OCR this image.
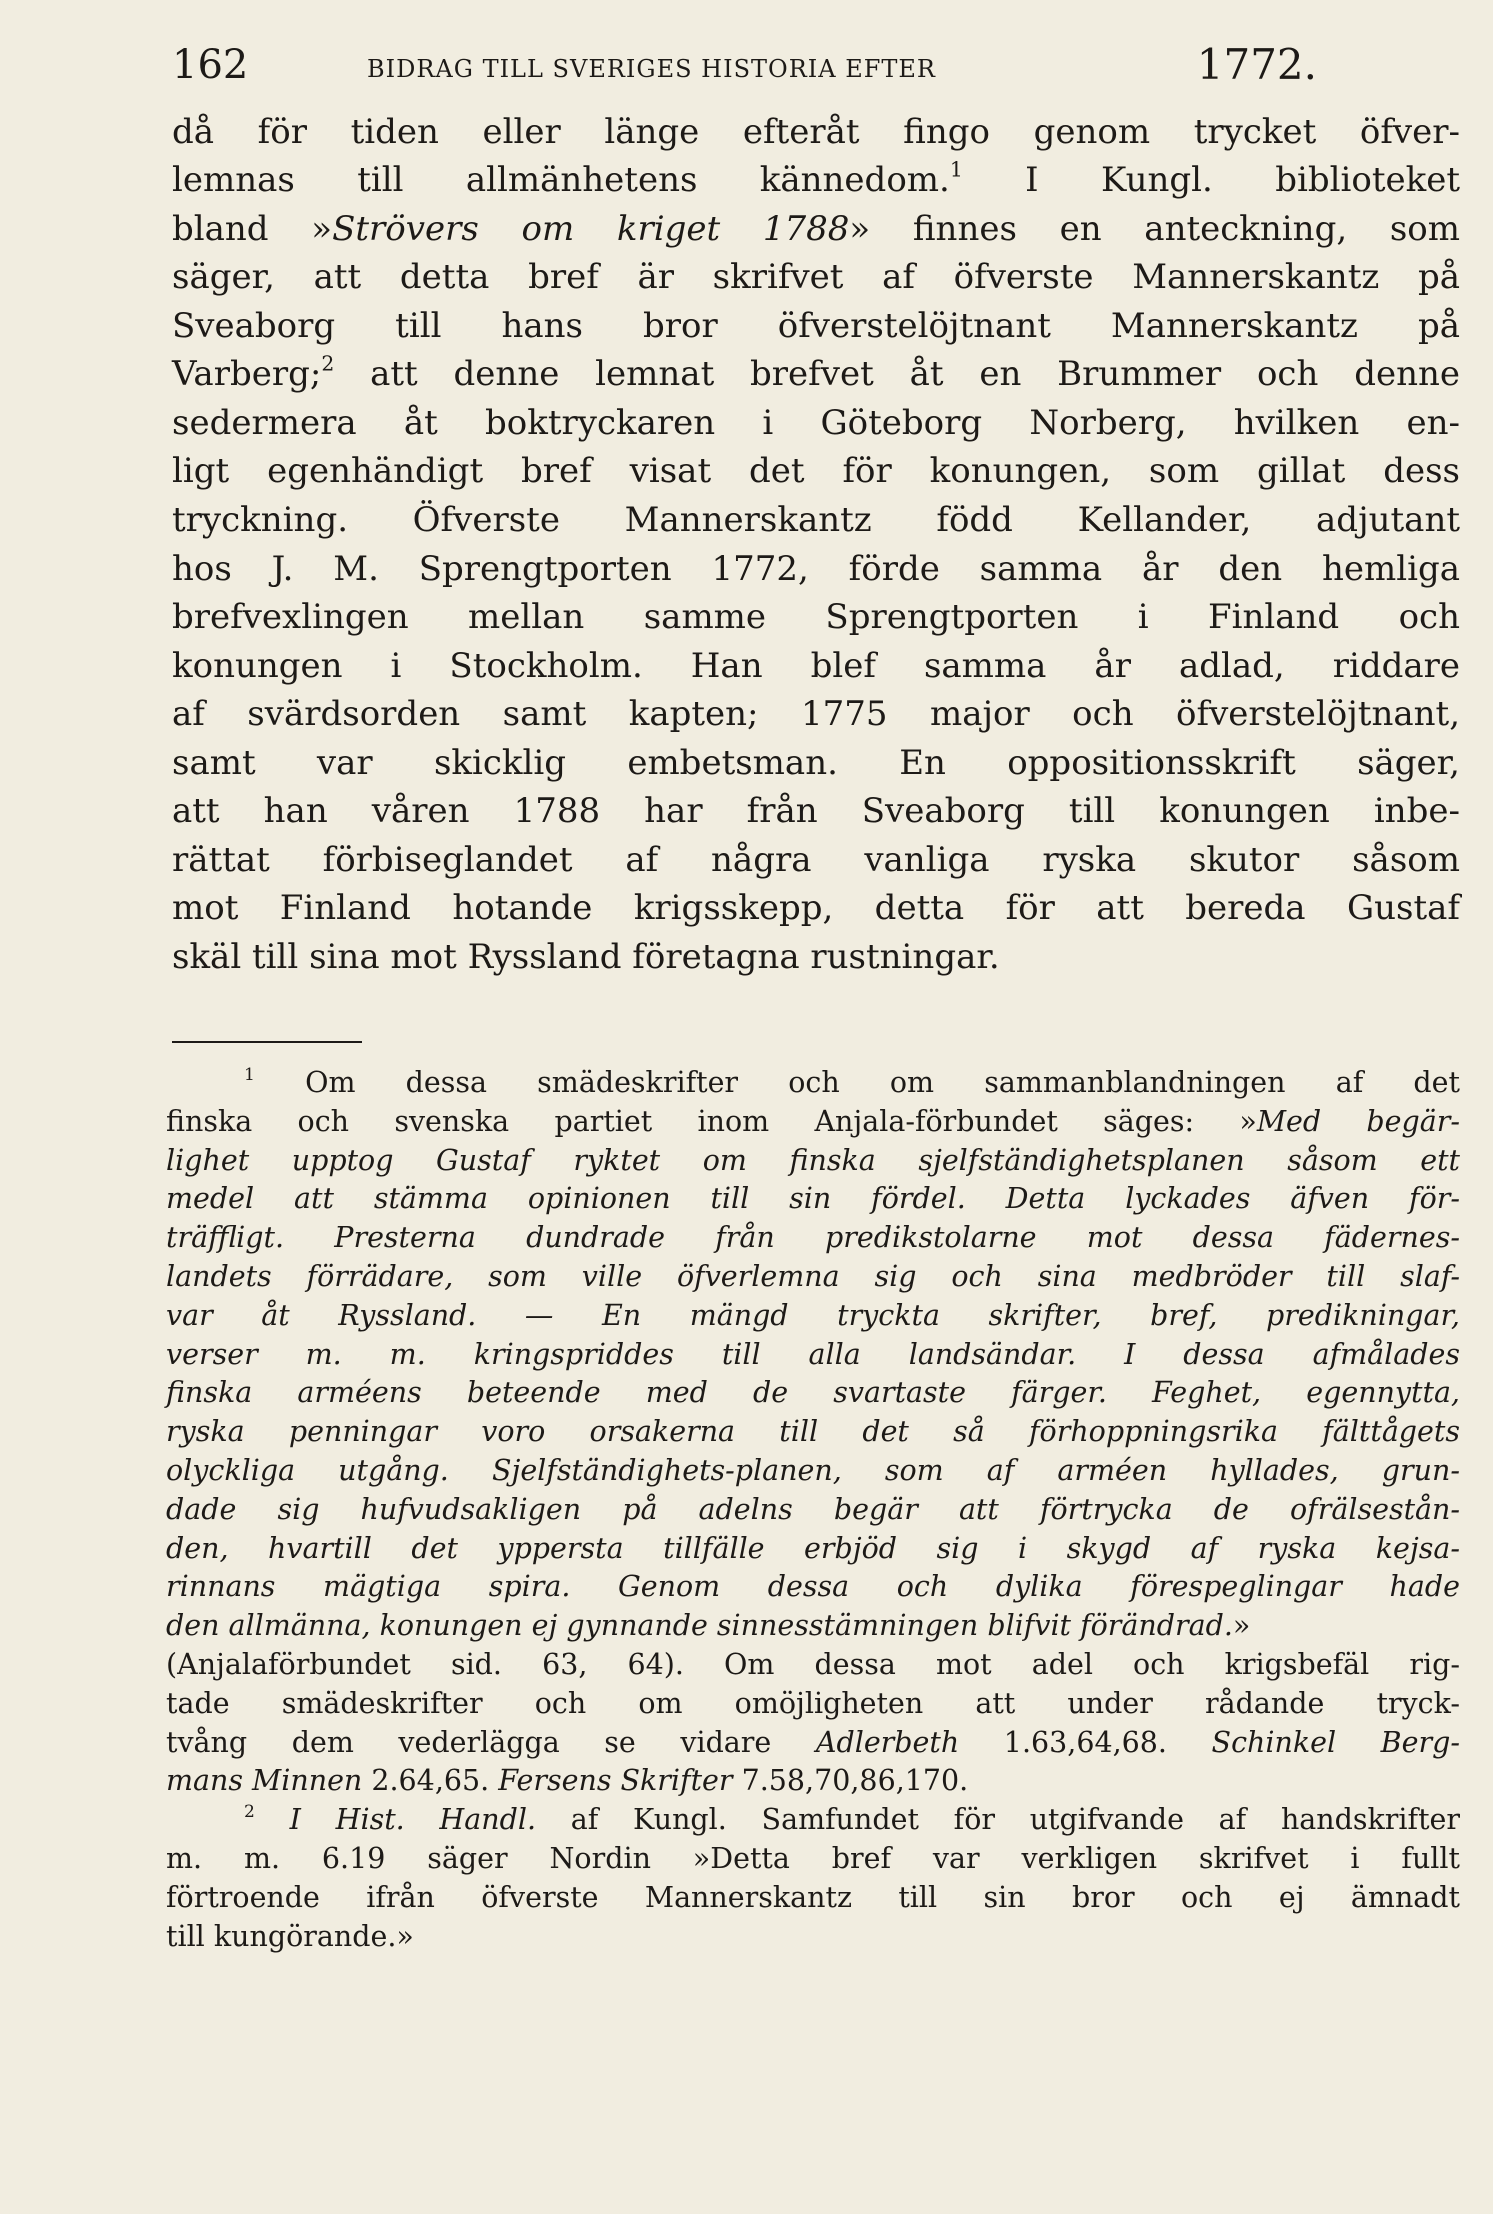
162	BIDRAG TILL SVERIGES HISTORIA EFTER	1772.
då för tiden eller länge efteråt fingo genom trycket öfver-
lemnas till allmänhetens kännedom.$^1$ I Kungl. biblioteket
bland »Strövers om kriget 1788» finnes en anteckning, som
säger, att detta bref är skrifvet af öfverste Mannerskantz på
Sveaborg till hans bror öfverstelöjtnant Mannerskantz på
Varberg;$^2$ att denne lemnat brefvet åt en Brummer och denne
sedermera åt boktryckaren i Göteborg Norberg, hvilken en-
ligt egenhändigt bref visat det för konungen, som gillat dess
tryckning. Öfverste Mannerskantz född Kellander, adjutant
hos J. M. Sprengtporten 1772, förde samma år den hemliga
brefvexlingen mellan samme Sprengtporten i Finland och
konungen i Stockholm. Han blef samma år adlad, riddare
af svärdsorden samt kapten; 1775 major och öfverstelöjtnant,
samt var skicklig embetsman. En oppositionsskrift säger,
att han våren 1788 har från Sveaborg till konungen inbe-
rättat förbiseglandet af några vanliga ryska skutor såsom
mot Finland hotande krigsskepp, detta för att bereda Gustaf
skäl till sina mot Ryssland företagna rustningar.
$^1$ Om dessa smädeskrifter och om sammanblandningen af det
finska och svenska partiet inom Anjala-förbundet säges: »Med begär-
lighet upptog Gustaf ryktet om finska sjelfständighetsplanen såsom ett
medel att stämma opinionen till sin fördel. Detta lyckades äfven för-
träffligt. Presterna dundrade från predikstolarne mot dessa fädernes-
landets förrädare, som ville öfverlemna sig och sina medbröder till slaf-
var åt Ryssland. — En mängd tryckta skrifter, bref, predikningar,
verser m. m. kringspriddes till alla landsändar. I dessa afmålades
finska arméens beteende med de svartaste färger. Feghet, egennytta,
ryska penningar voro orsakerna till det så förhoppningsrika fälttågets
olyckliga utgång. Sjelfständighets-planen, som af arméen hyllades, grun-
dade sig hufvudsakligen på adelns begär att förtrycka de ofrälsestån-
den, hvartill det yppersta tillfälle erbjöd sig i skygd af ryska kejsa-
rinnans mägtiga spira. Genom dessa och dylika förespeglingar hade
den allmänna, konungen ej gynnande sinnesstämningen blifvit förändrad.»
(Anjalaförbundet sid. 63, 64). Om dessa mot adel och krigsbefäl rig-
tade smädeskrifter och om omöjligheten att under rådande tryck-
tvång dem vederlägga se vidare Adlerbeth 1.63,64,68. Schinkel Berg-
mans Minnen 2.64,65. Fersens Skrifter 7.58,70,86,170.
$^2$ I Hist. Handl. af Kungl. Samfundet för utgifvande af handskrifter
m. m. 6.19 säger Nordin »Detta bref var verkligen skrifvet i fullt
förtroende ifrån öfverste Mannerskantz till sin bror och ej ämnadt
till kungörande.»
